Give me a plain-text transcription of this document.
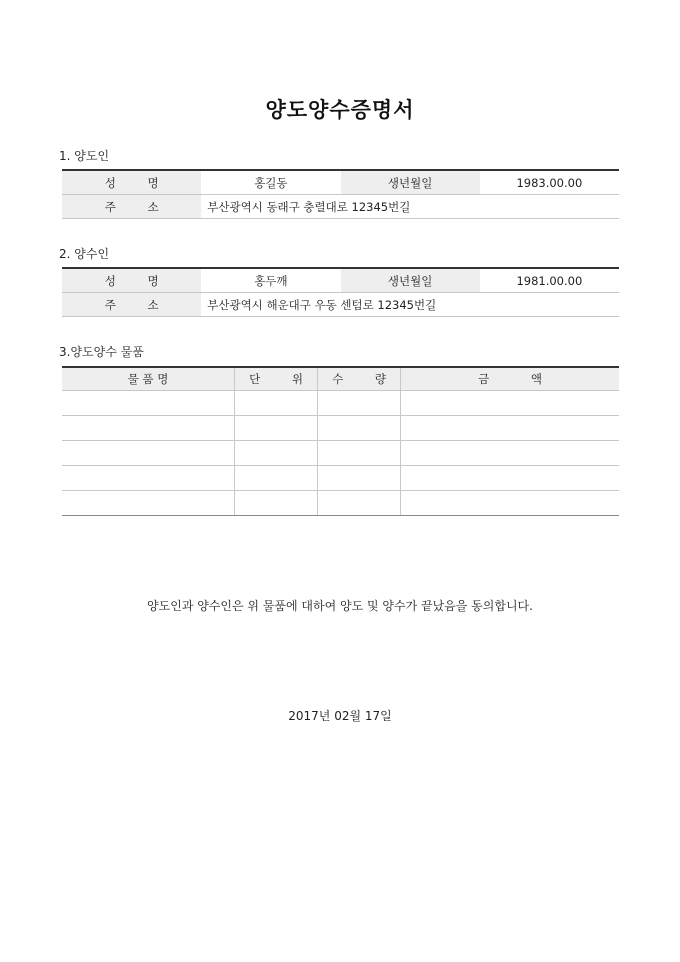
양도양수증명서
1. 양도인
성 명	홍길동	생년월일	1983.00.00
주 소	부산광역시 동래구 충렬대로 12345번길		
2. 양수인
성 명	홍두깨	생년월일	1981.00.00
주 소	부산광역시 해운대구 우동 센텀로 12345번길		
3.양도양수 물품
물 품 명	단 위	수 량	금 액

양도인과 양수인은 위 물품에 대하여 양도 및 양수가 끝났음을 동의합니다.
2017년 02월 17일
